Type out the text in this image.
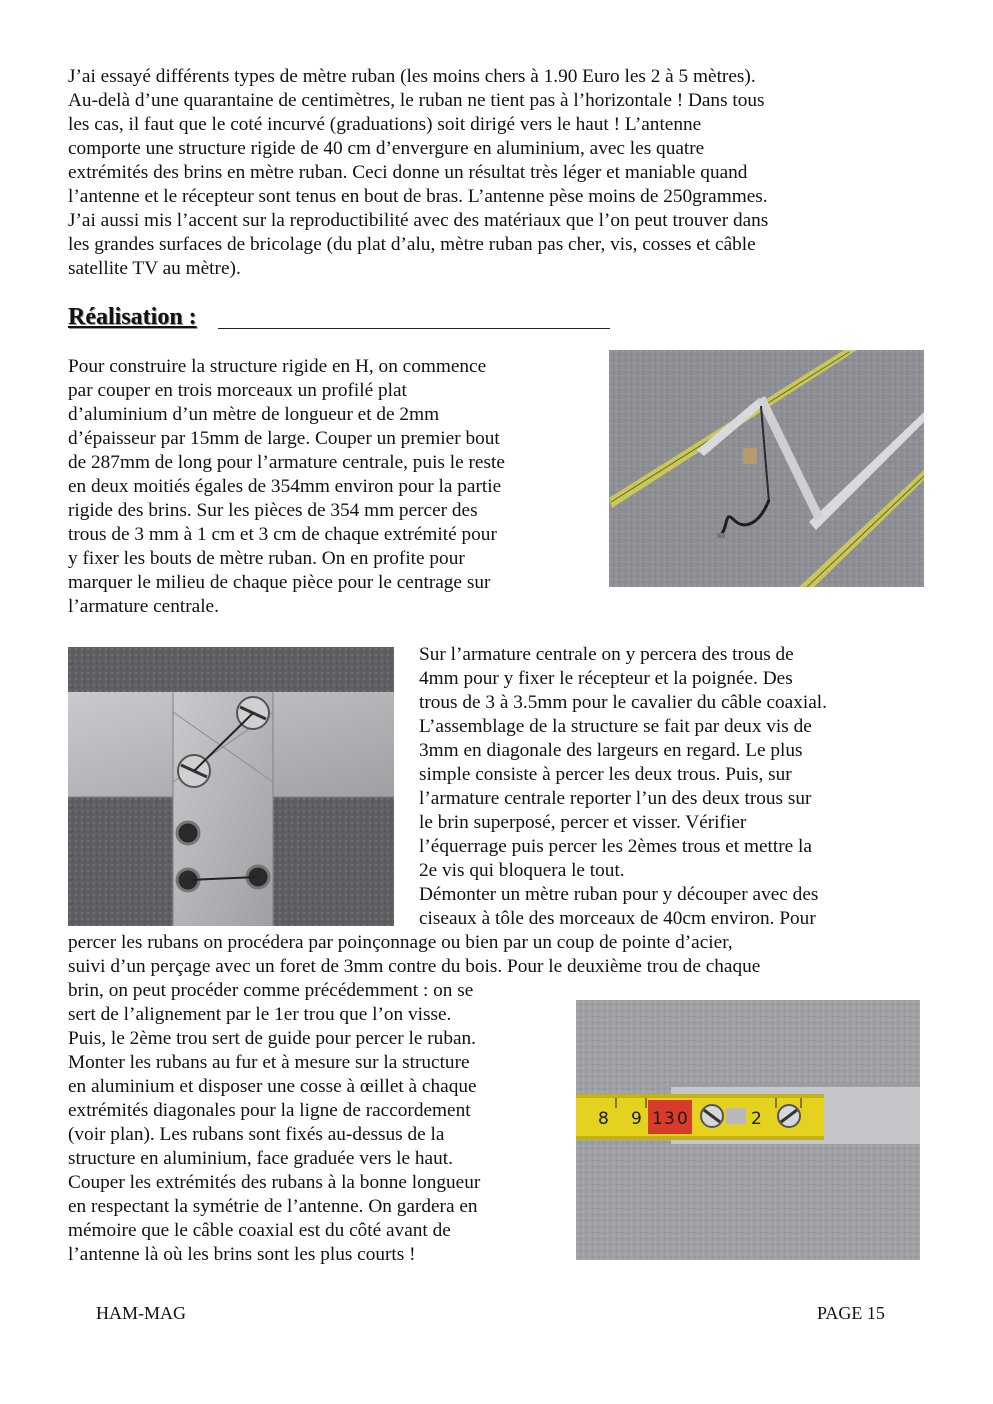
J’ai essayé différents types de mètre ruban (les moins chers à 1.90 Euro les 2 à 5 mètres).
Au-delà d’une quarantaine de centimètres, le ruban ne tient pas à l’horizontale ! Dans tous
les cas, il faut que le coté incurvé (graduations) soit dirigé vers le haut ! L’antenne
comporte une structure rigide de 40 cm d’envergure en aluminium, avec les quatre
extrémités des brins en mètre ruban. Ceci donne un résultat très léger et maniable quand
l’antenne et le récepteur sont tenus en bout de bras. L’antenne pèse moins de 250grammes.
J’ai aussi mis l’accent sur la reproductibilité avec des matériaux que l’on peut trouver dans
les grandes surfaces de bricolage (du plat d’alu, mètre ruban pas cher, vis, cosses et câble
satellite TV au mètre).
Réalisation :
Pour construire la structure rigide en H, on commence
par couper en trois morceaux un profilé plat
d’aluminium d’un mètre de longueur et de 2mm
d’épaisseur par 15mm de large. Couper un premier bout
de 287mm de long pour l’armature centrale, puis le reste
en deux moitiés égales de 354mm environ pour la partie
rigide des brins. Sur les pièces de 354 mm percer des
trous de 3 mm à 1 cm et 3 cm de chaque extrémité pour
y fixer les bouts de mètre ruban. On en profite pour
marquer le milieu de chaque pièce pour le centrage sur
l’armature centrale.
Sur l’armature centrale on y percera des trous de
4mm pour y fixer le récepteur et la poignée. Des
trous de 3 à 3.5mm pour le cavalier du câble coaxial.
L’assemblage de la structure se fait par deux vis de
3mm en diagonale des largeurs en regard. Le plus
simple consiste à percer les deux trous. Puis, sur
l’armature centrale reporter l’un des deux trous sur
le brin superposé, percer et visser. Vérifier
l’équerrage puis percer les 2èmes trous et mettre la
2e vis qui bloquera le tout.
Démonter un mètre ruban pour y découper avec des
ciseaux à tôle des morceaux de 40cm environ. Pour
percer les rubans on procédera par poinçonnage ou bien par un coup de pointe d’acier,
suivi d’un perçage avec un foret de 3mm contre du bois. Pour le deuxième trou de chaque
brin, on peut procéder comme précédemment : on se
sert de l’alignement par le 1er trou que l’on visse.
Puis, le 2ème trou sert de guide pour percer le ruban.
Monter les rubans au fur et à mesure sur la structure
en aluminium et disposer une cosse à œillet à chaque
extrémités diagonales pour la ligne de raccordement
(voir plan). Les rubans sont fixés au-dessus de la
structure en aluminium, face graduée vers le haut.
Couper les extrémités des rubans à la bonne longueur
en respectant la symétrie de l’antenne. On gardera en
mémoire que le câble coaxial est du côté avant de
l’antenne là où les brins sont les plus courts !
8 9 1 3 0	2
HAM-MAG	PAGE 15
